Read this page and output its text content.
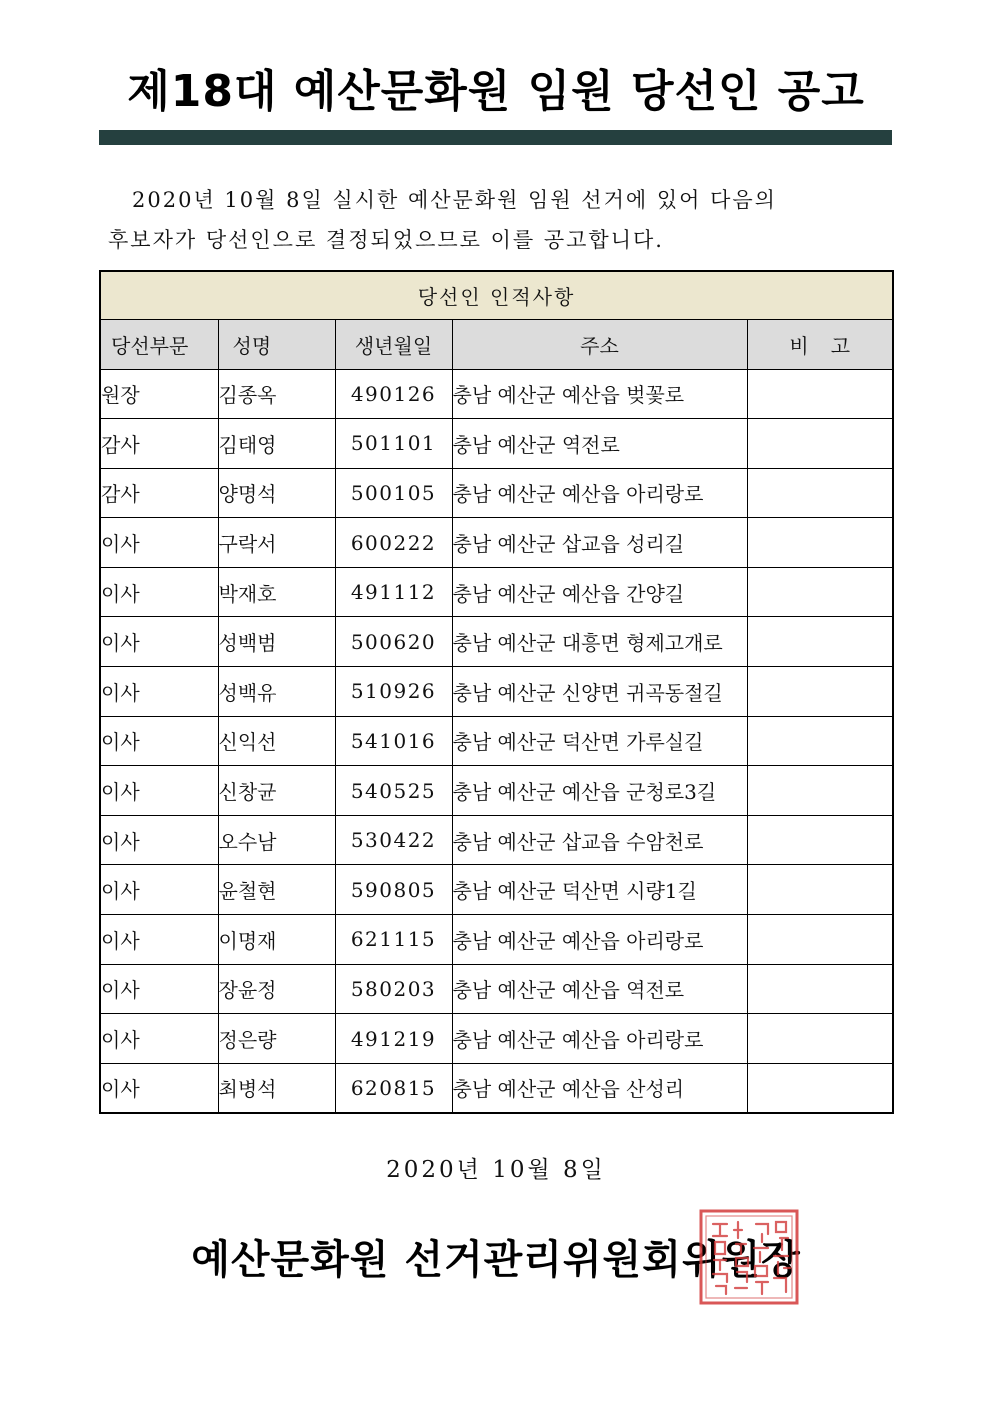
제18대 예산문화원 임원 당선인 공고

2020년 10월 8일 실시한 예산문화원 임원 선거에 있어 다음의
후보자가 당선인으로 결정되었으므로 이를 공고합니다.

당선인 인적사항				
당선부문	성명	생년월일	주소	비고
원장	김종옥	490126	충남 예산군 예산읍 벚꽃로	
감사	김태영	501101	충남 예산군 역전로	
감사	양명석	500105	충남 예산군 예산읍 아리랑로	
이사	구락서	600222	충남 예산군 삽교읍 성리길	
이사	박재호	491112	충남 예산군 예산읍 간양길	
이사	성백범	500620	충남 예산군 대흥면 형제고개로	
이사	성백유	510926	충남 예산군 신양면 귀곡동절길	
이사	신익선	541016	충남 예산군 덕산면 가루실길	
이사	신창균	540525	충남 예산군 예산읍 군청로3길	
이사	오수남	530422	충남 예산군 삽교읍 수암천로	
이사	윤철현	590805	충남 예산군 덕산면 시량1길	
이사	이명재	621115	충남 예산군 예산읍 아리랑로	
이사	장윤정	580203	충남 예산군 예산읍 역전로	
이사	정은량	491219	충남 예산군 예산읍 아리랑로	
이사	최병석	620815	충남 예산군 예산읍 산성리	
2020년 10월 8일
예산문화원 선거관리위원회위원장
